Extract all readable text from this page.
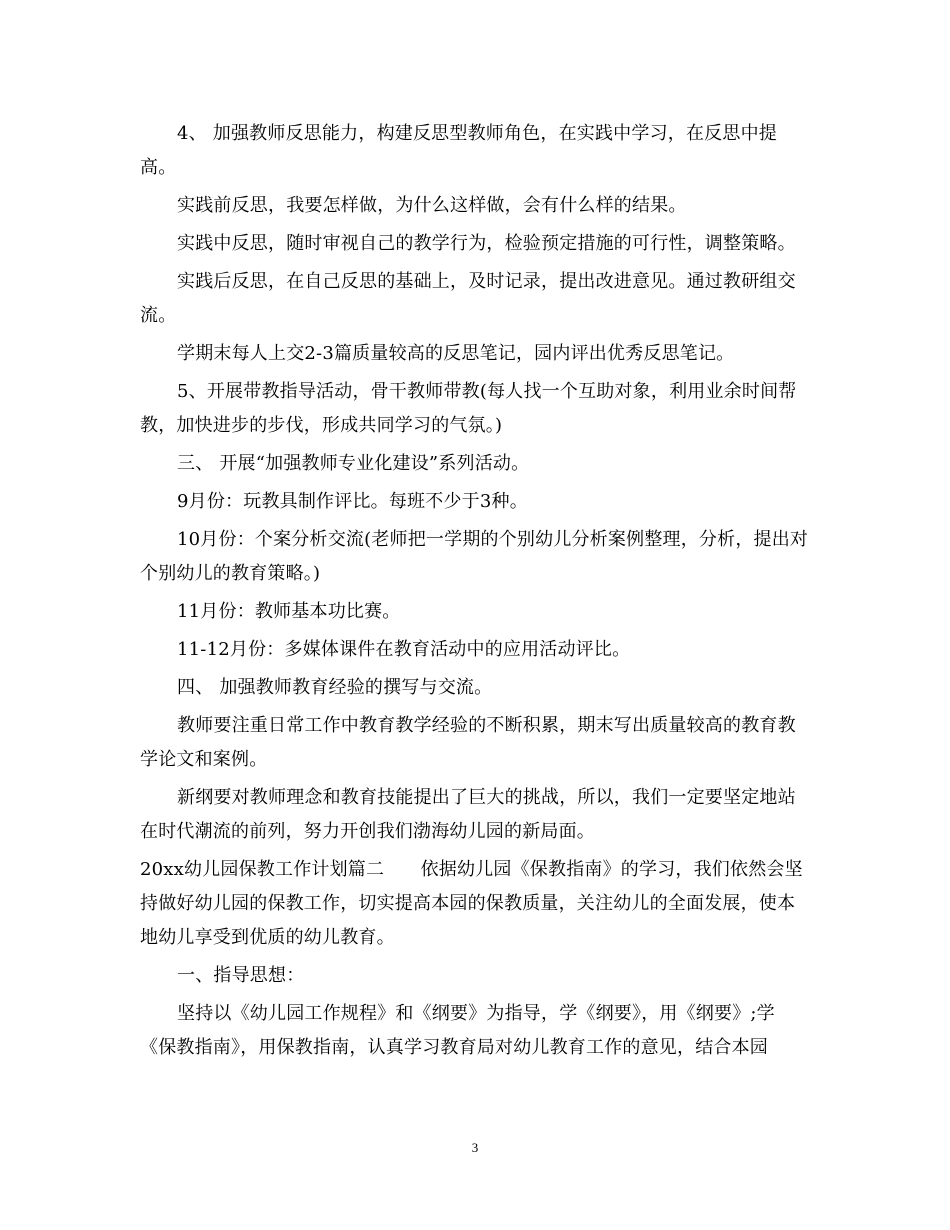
4、 加强教师反思能力，构建反思型教师角色，在实践中学习，在反思中提高。

实践前反思，我要怎样做，为什么这样做，会有什么样的结果。

实践中反思，随时审视自己的教学行为，检验预定措施的可行性，调整策略。

实践后反思，在自己反思的基础上，及时记录，提出改进意见。通过教研组交流。

学期末每人上交2-3篇质量较高的反思笔记，园内评出优秀反思笔记。

5、开展带教指导活动，骨干教师带教(每人找一个互助对象，利用业余时间帮教，加快进步的步伐，形成共同学习的气氛。)

三、 开展“加强教师专业化建设”系列活动。

9月份：玩教具制作评比。每班不少于3种。

10月份：个案分析交流(老师把一学期的个别幼儿分析案例整理，分析，提出对个别幼儿的教育策略。)

11月份：教师基本功比赛。

11-12月份：多媒体课件在教育活动中的应用活动评比。

四、 加强教师教育经验的撰写与交流。

教师要注重日常工作中教育教学经验的不断积累，期末写出质量较高的教育教学论文和案例。

新纲要对教师理念和教育技能提出了巨大的挑战，所以，我们一定要坚定地站在时代潮流的前列，努力开创我们渤海幼儿园的新局面。

20xx幼儿园保教工作计划篇二　　依据幼儿园《保教指南》的学习，我们依然会坚持做好幼儿园的保教工作，切实提高本园的保教质量，关注幼儿的全面发展，使本地幼儿享受到优质的幼儿教育。

一、指导思想：

坚持以《幼儿园工作规程》和《纲要》为指导，学《纲要》，用《纲要》;学《保教指南》，用保教指南，认真学习教育局对幼儿教育工作的意见，结合本园

3
